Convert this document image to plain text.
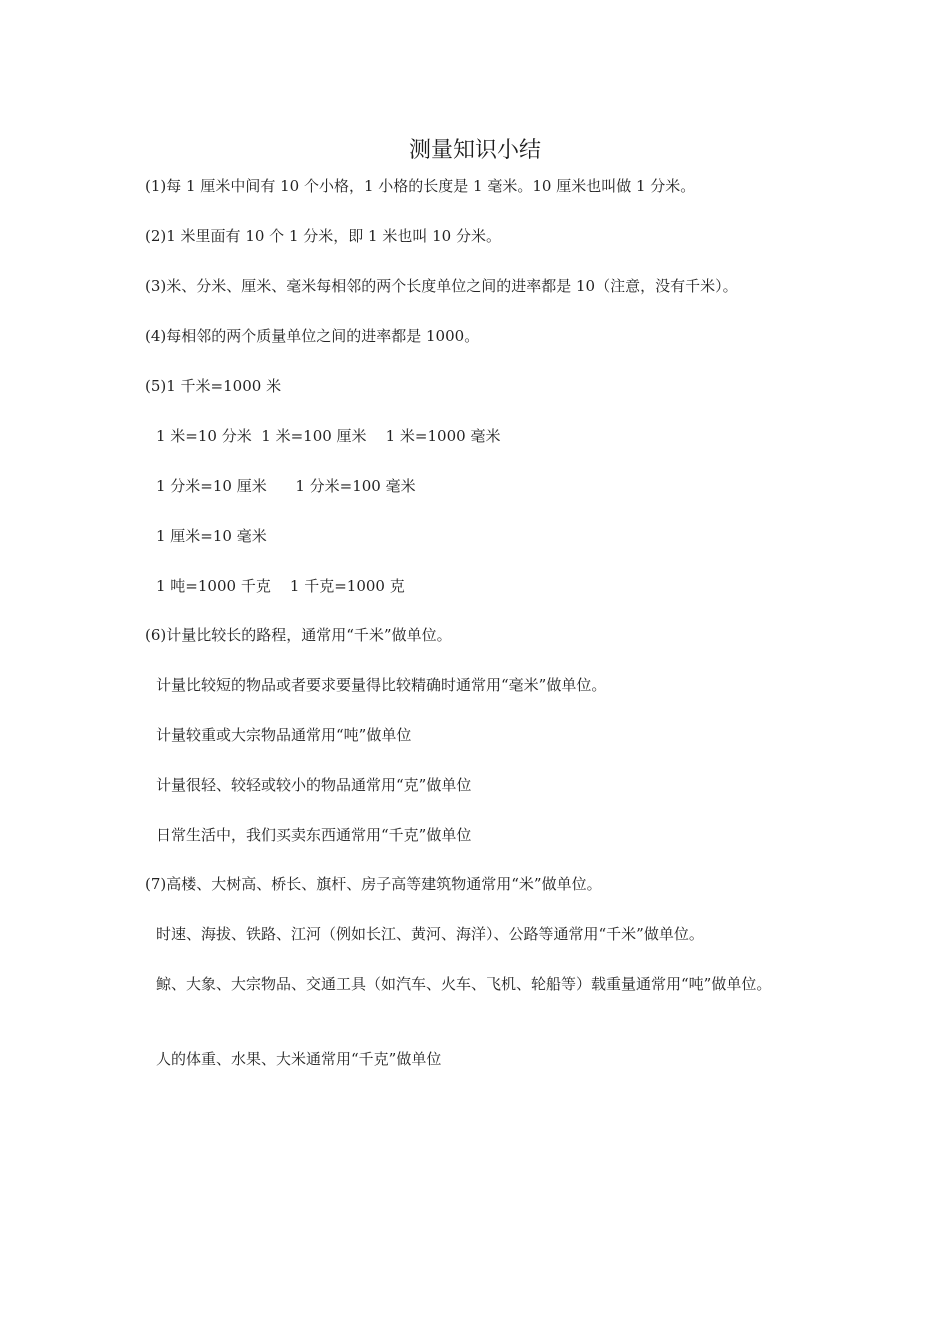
测量知识小结
(1)每 1 厘米中间有 10 个小格，1 小格的长度是 1 毫米。10 厘米也叫做 1 分米。
(2)1 米里面有 10 个 1 分米，即 1 米也叫 10 分米。
(3)米、分米、厘米、毫米每相邻的两个长度单位之间的进率都是 10（注意，没有千米）。
(4)每相邻的两个质量单位之间的进率都是 1000。
(5)1 千米=1000 米
1 米=10 分米  1 米=100 厘米    1 米=1000 毫米
1 分米=10 厘米      1 分米=100 毫米
1 厘米=10 毫米
1 吨=1000 千克    1 千克=1000 克
(6)计量比较长的路程，通常用“千米”做单位。
计量比较短的物品或者要求要量得比较精确时通常用“毫米”做单位。
计量较重或大宗物品通常用“吨”做单位
计量很轻、较轻或较小的物品通常用“克”做单位
日常生活中，我们买卖东西通常用“千克”做单位
(7)高楼、大树高、桥长、旗杆、房子高等建筑物通常用“米”做单位。
时速、海拔、铁路、江河（例如长江、黄河、海洋）、公路等通常用“千米”做单位。
鲸、大象、大宗物品、交通工具（如汽车、火车、飞机、轮船等）载重量通常用“吨”做单位。
人的体重、水果、大米通常用“千克”做单位
